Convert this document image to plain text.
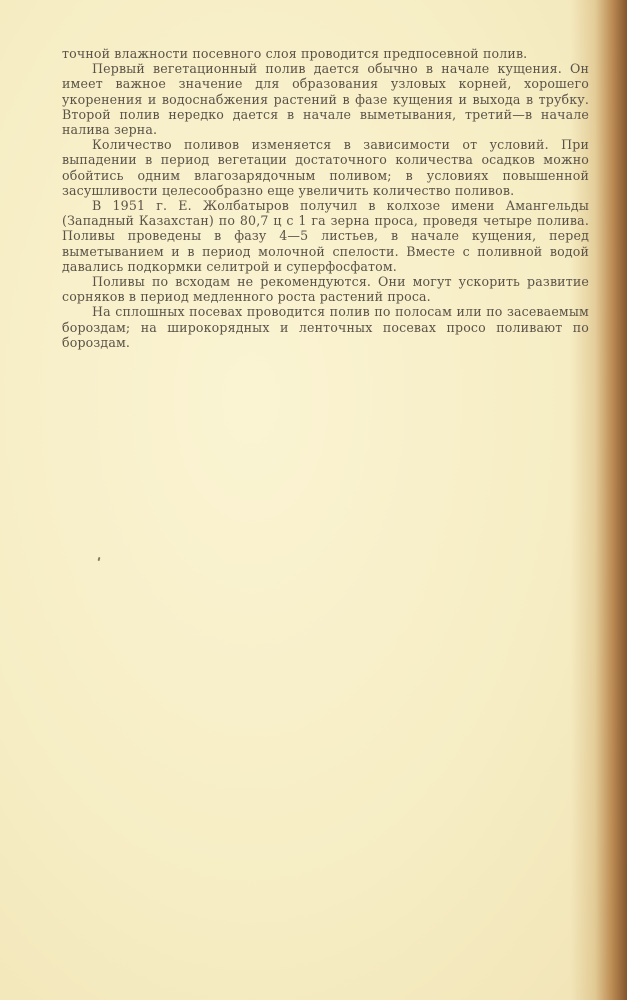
точной влажности посевного слоя проводится предпосевной полив.

Первый вегетационный полив дается обычно в начале кущения. Он имеет важное значение для образования узловых корней, хорошего укоренения и водоснабжения растений в фазе кущения и выхода в трубку. Второй полив нередко дается в начале выметывания, третий—в начале налива зерна.

Количество поливов изменяется в зависимости от условий. При выпадении в период вегетации достаточного количества осадков можно обойтись одним влагозарядочным поливом; в условиях повышенной засушливости целесообразно еще увеличить количество поливов.

В 1951 г. Е. Жолбатыров получил в колхозе имени Амангельды (Западный Казахстан) по 80,7 ц с 1 га зерна проса, проведя четыре полива. Поливы проведены в фазу 4—5 листьев, в начале кущения, перед выметыванием и в период молочной спелости. Вместе с поливной водой давались подкормки селитрой и суперфосфатом.

Поливы по всходам не рекомендуются. Они могут ускорить развитие сорняков в период медленного роста растений проса.

На сплошных посевах проводится полив по полосам или по засеваемым бороздам; на широкорядных и ленточных посевах просо поливают по бороздам.
